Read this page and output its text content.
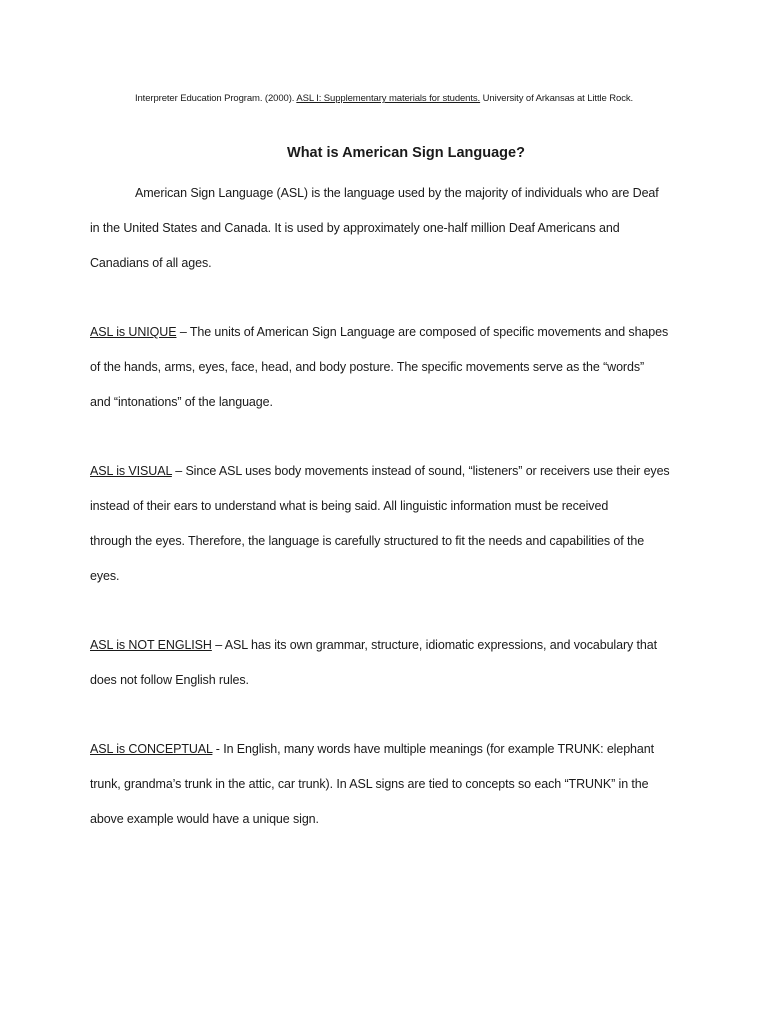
Interpreter Education Program. (2000). ASL I: Supplementary materials for students. University of Arkansas at Little Rock.
What is American Sign Language?
American Sign Language (ASL) is the language used by the majority of individuals who are Deaf
in the United States and Canada. It is used by approximately one-half million Deaf Americans and
Canadians of all ages.
ASL is UNIQUE – The units of American Sign Language are composed of specific movements and shapes
of the hands, arms, eyes, face, head, and body posture. The specific movements serve as the “words”
and “intonations” of the language.
ASL is VISUAL – Since ASL uses body movements instead of sound, “listeners” or receivers use their eyes
instead of their ears to understand what is being said. All linguistic information must be received
through the eyes. Therefore, the language is carefully structured to fit the needs and capabilities of the
eyes.
ASL is NOT ENGLISH – ASL has its own grammar, structure, idiomatic expressions, and vocabulary that
does not follow English rules.
ASL is CONCEPTUAL - In English, many words have multiple meanings (for example TRUNK: elephant
trunk, grandma’s trunk in the attic, car trunk). In ASL signs are tied to concepts so each “TRUNK” in the
above example would have a unique sign.
